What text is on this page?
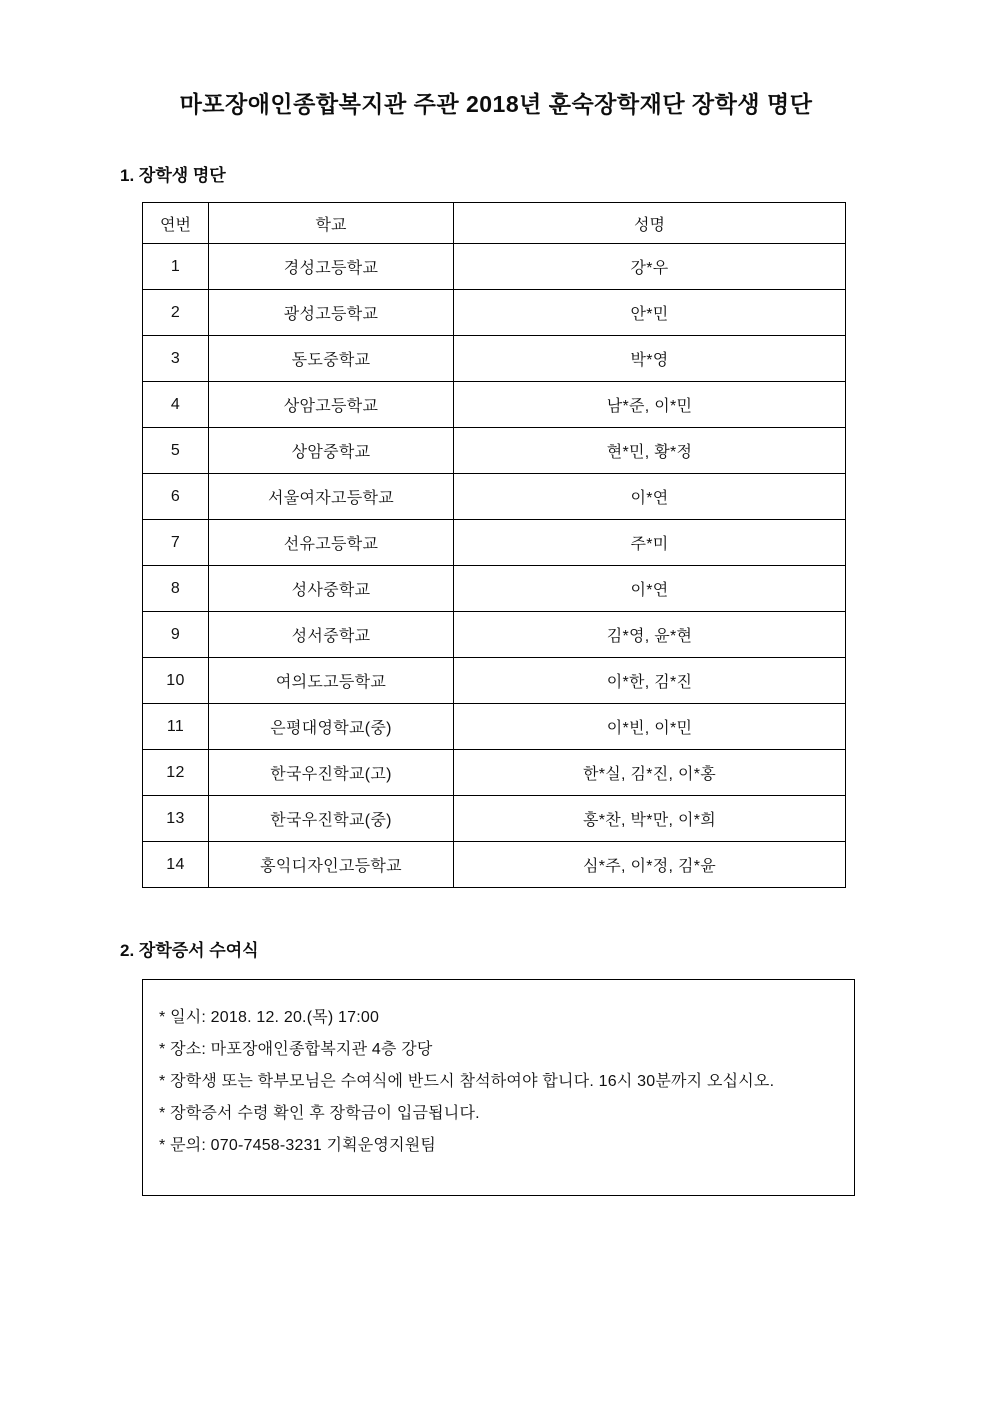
마포장애인종합복지관 주관 2018년 훈숙장학재단 장학생 명단
1. 장학생 명단
연번	학교	성명
1	경성고등학교	강*우
2	광성고등학교	안*민
3	동도중학교	박*영
4	상암고등학교	남*준, 이*민
5	상암중학교	현*민, 황*정
6	서울여자고등학교	이*연
7	선유고등학교	주*미
8	성사중학교	이*연
9	성서중학교	김*영, 윤*현
10	여의도고등학교	이*한, 김*진
11	은평대영학교(중)	이*빈, 이*민
12	한국우진학교(고)	한*실, 김*진, 이*홍
13	한국우진학교(중)	홍*찬, 박*만, 이*희
14	홍익디자인고등학교	심*주, 이*정, 김*윤
2. 장학증서 수여식
* 일시: 2018. 12. 20.(목) 17:00
* 장소: 마포장애인종합복지관 4층 강당
* 장학생 또는 학부모님은 수여식에 반드시 참석하여야 합니다. 16시 30분까지 오십시오.
* 장학증서 수령 확인 후 장학금이 입금됩니다.
* 문의: 070-7458-3231 기획운영지원팀
